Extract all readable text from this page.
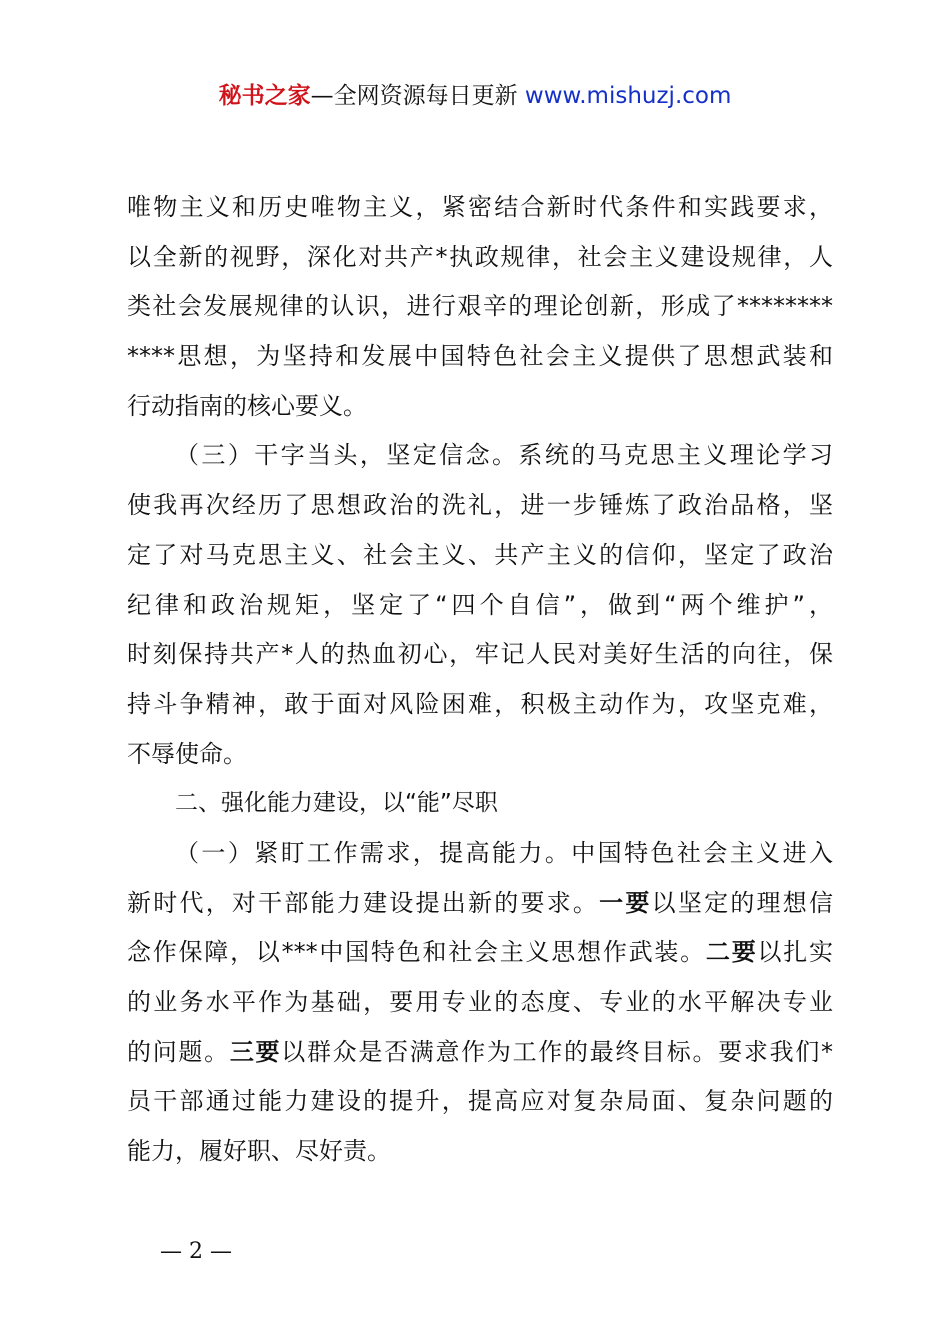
秘书之家—全网资源每日更新 www.mishuzj.com
唯物主义和历史唯物主义，紧密结合新时代条件和实践要求，
以全新的视野，深化对共产*执政规律，社会主义建设规律，人
类社会发展规律的认识，进行艰辛的理论创新，形成了********
****思想，为坚持和发展中国特色社会主义提供了思想武装和
行动指南的核心要义。
（三）干字当头，坚定信念。系统的马克思主义理论学习
使我再次经历了思想政治的洗礼，进一步锤炼了政治品格，坚
定了对马克思主义、社会主义、共产主义的信仰，坚定了政治
纪律和政治规矩，坚定了“四个自信”，做到“两个维护”，
时刻保持共产*人的热血初心，牢记人民对美好生活的向往，保
持斗争精神，敢于面对风险困难，积极主动作为，攻坚克难，
不辱使命。
二、强化能力建设，以“能”尽职
（一）紧盯工作需求，提高能力。中国特色社会主义进入
新时代，对干部能力建设提出新的要求。一要以坚定的理想信
念作保障，以***中国特色和社会主义思想作武装。二要以扎实
的业务水平作为基础，要用专业的态度、专业的水平解决专业
的问题。三要以群众是否满意作为工作的最终目标。要求我们*
员干部通过能力建设的提升，提高应对复杂局面、复杂问题的
能力，履好职、尽好责。
— 2 —
